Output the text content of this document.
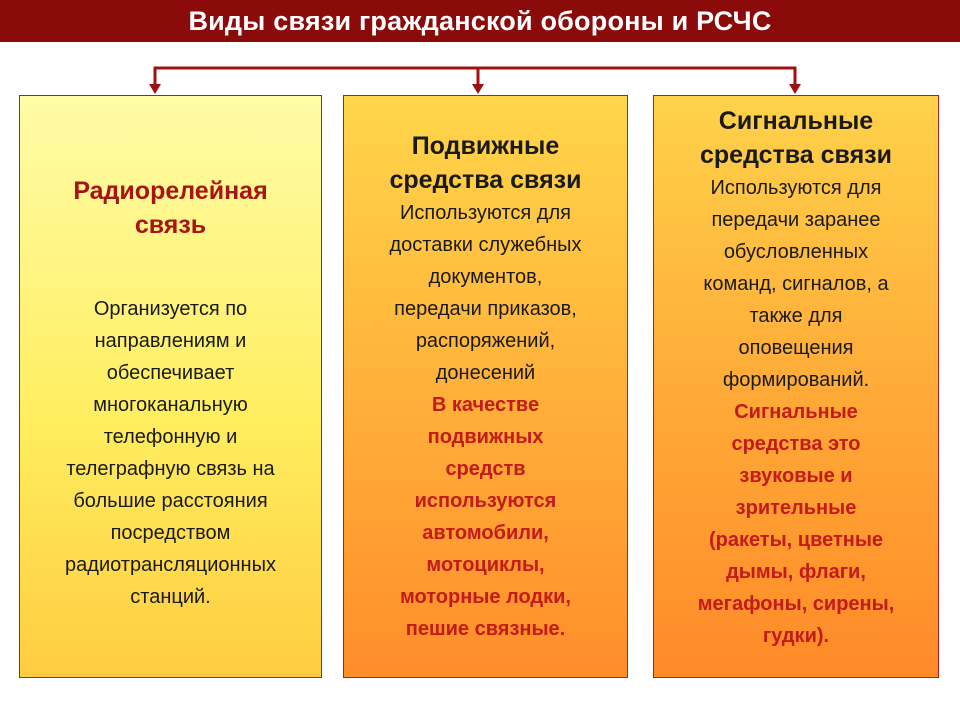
Виды связи гражданской обороны и РСЧС
Радиорелейная
связь
Организуется по
направлениям и
обеспечивает
многоканальную
телефонную и
телеграфную связь на
большие расстояния
посредством
радиотрансляционных
станций.
Подвижные
средства связи
Используются для
доставки служебных
документов,
передачи приказов,
распоряжений,
донесений
В качестве
подвижных
средств
используются
автомобили,
мотоциклы,
моторные лодки,
пешие связные.
Сигнальные
средства связи
Используются для
передачи заранее
обусловленных
команд, сигналов, а
также для
оповещения
формирований.
Сигнальные
средства это
звуковые и
зрительные
(ракеты, цветные
дымы, флаги,
мегафоны, сирены,
гудки).
